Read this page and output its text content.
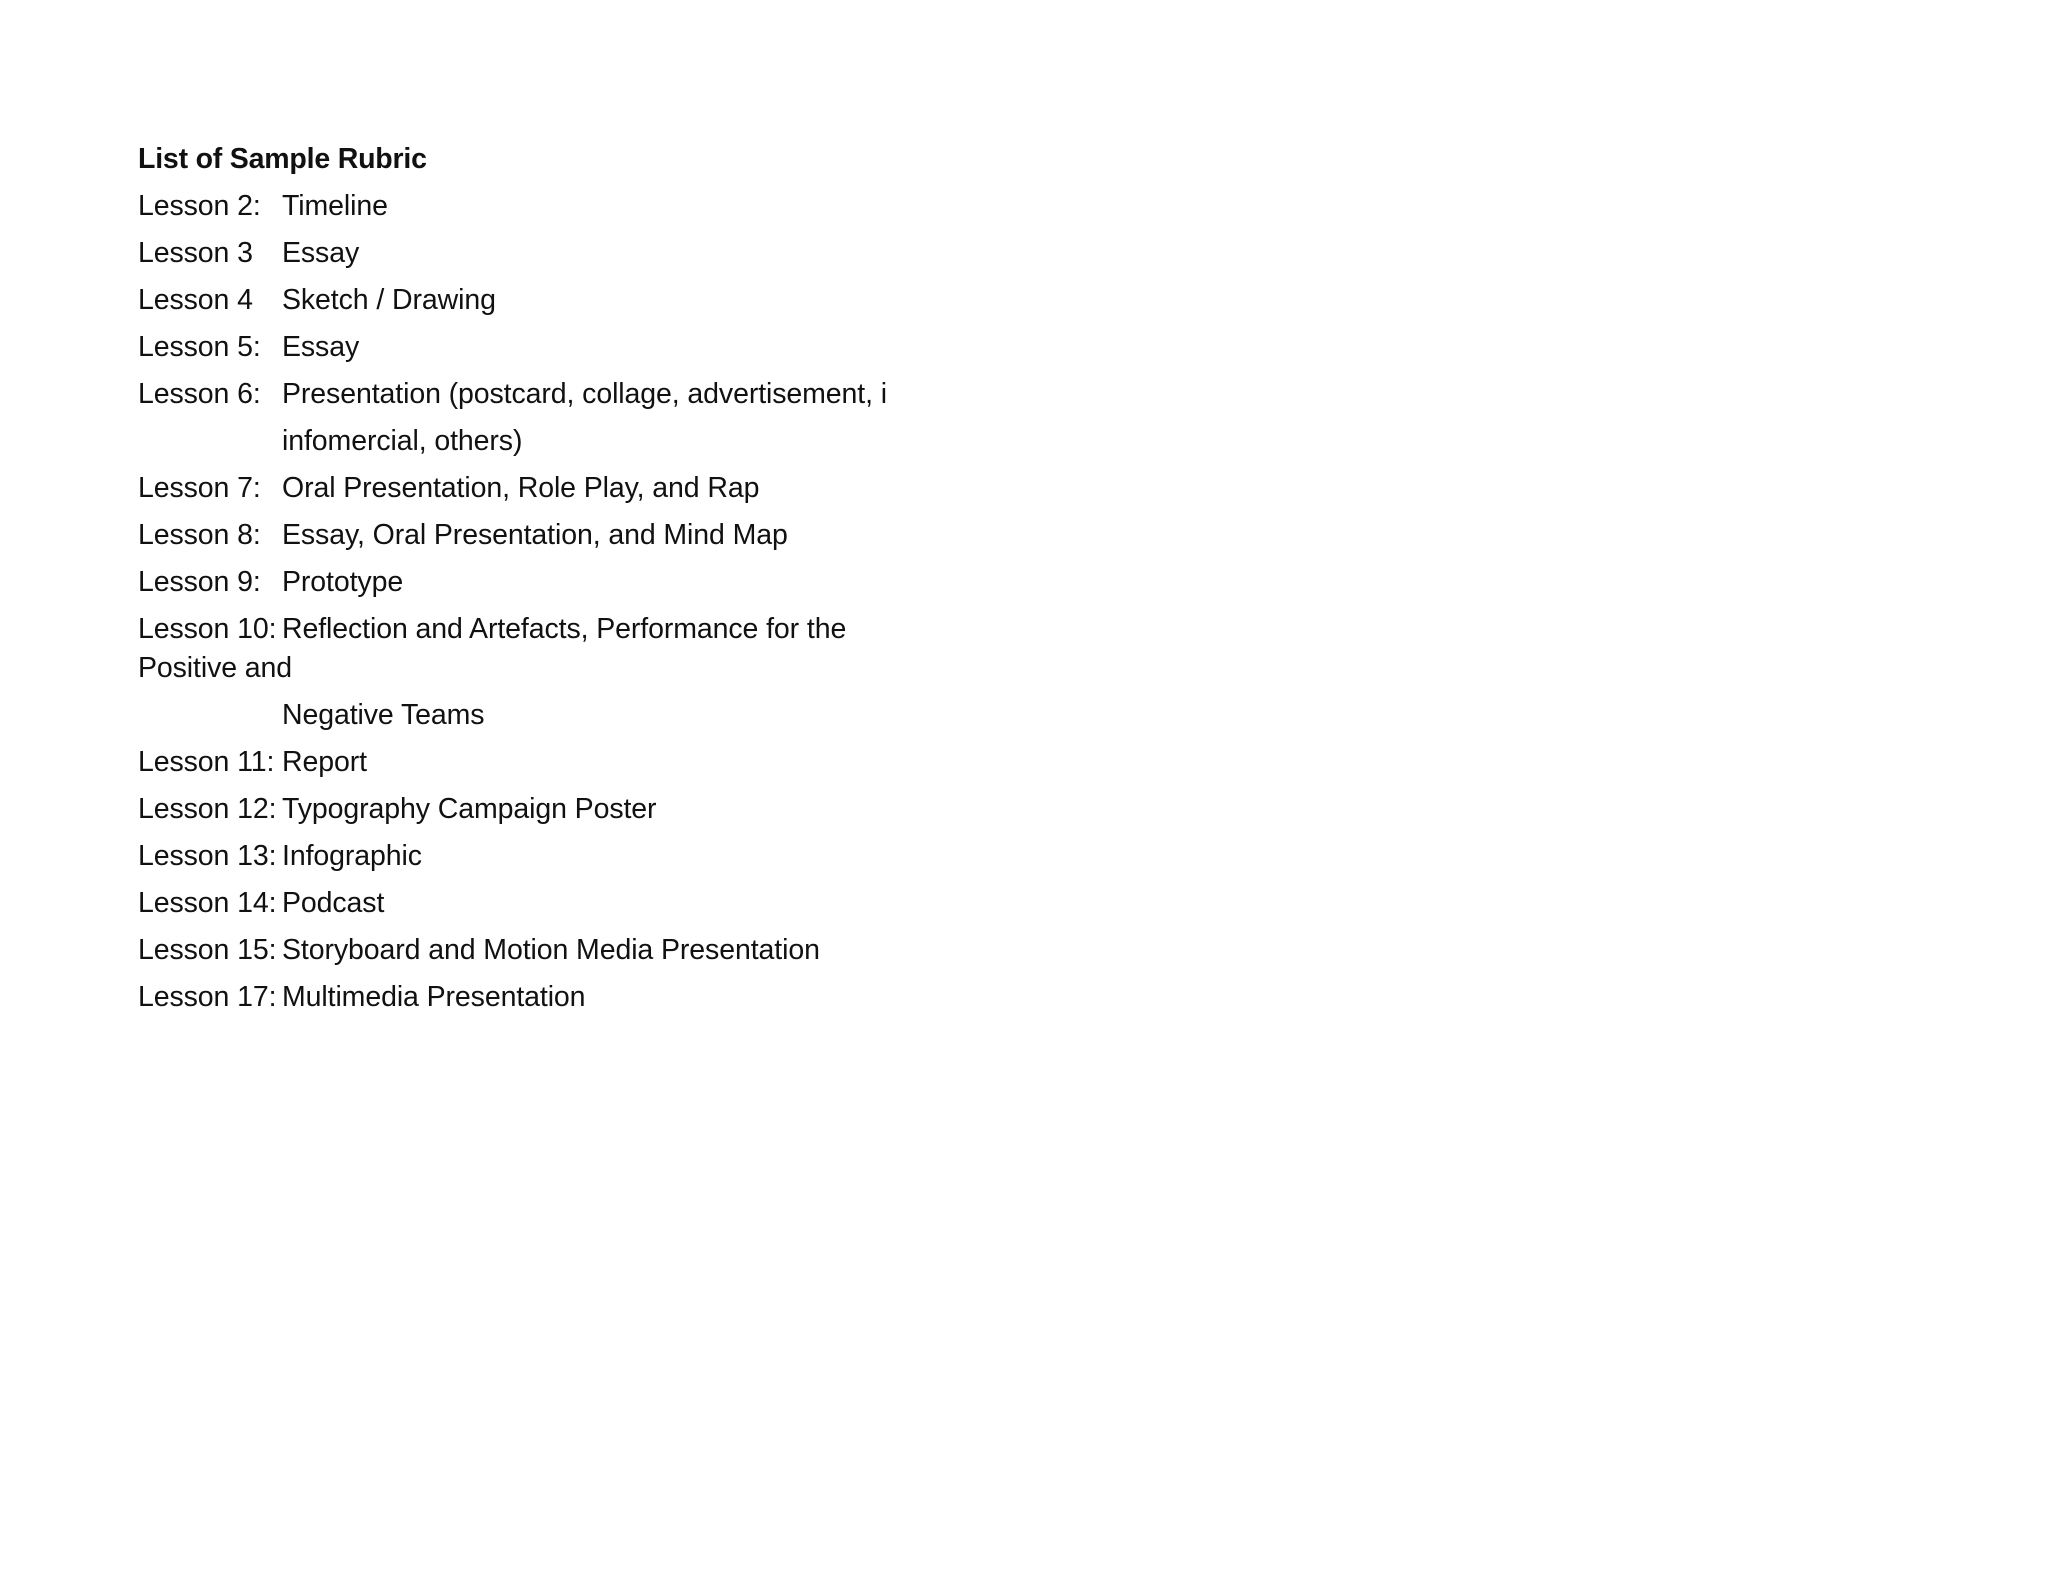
List of Sample Rubric

Lesson 2: Timeline

Lesson 3 Essay

Lesson 4 Sketch / Drawing

Lesson 5: Essay

Lesson 6: Presentation (postcard, collage, advertisement, i

infomercial, others)

Lesson 7: Oral Presentation, Role Play, and Rap

Lesson 8: Essay, Oral Presentation, and Mind Map

Lesson 9: Prototype

Lesson 10: Reflection and Artefacts, Performance for the
Positive and

Negative Teams

Lesson 11: Report

Lesson 12: Typography Campaign Poster

Lesson 13: Infographic

Lesson 14: Podcast

Lesson 15: Storyboard and Motion Media Presentation

Lesson 17: Multimedia Presentation
